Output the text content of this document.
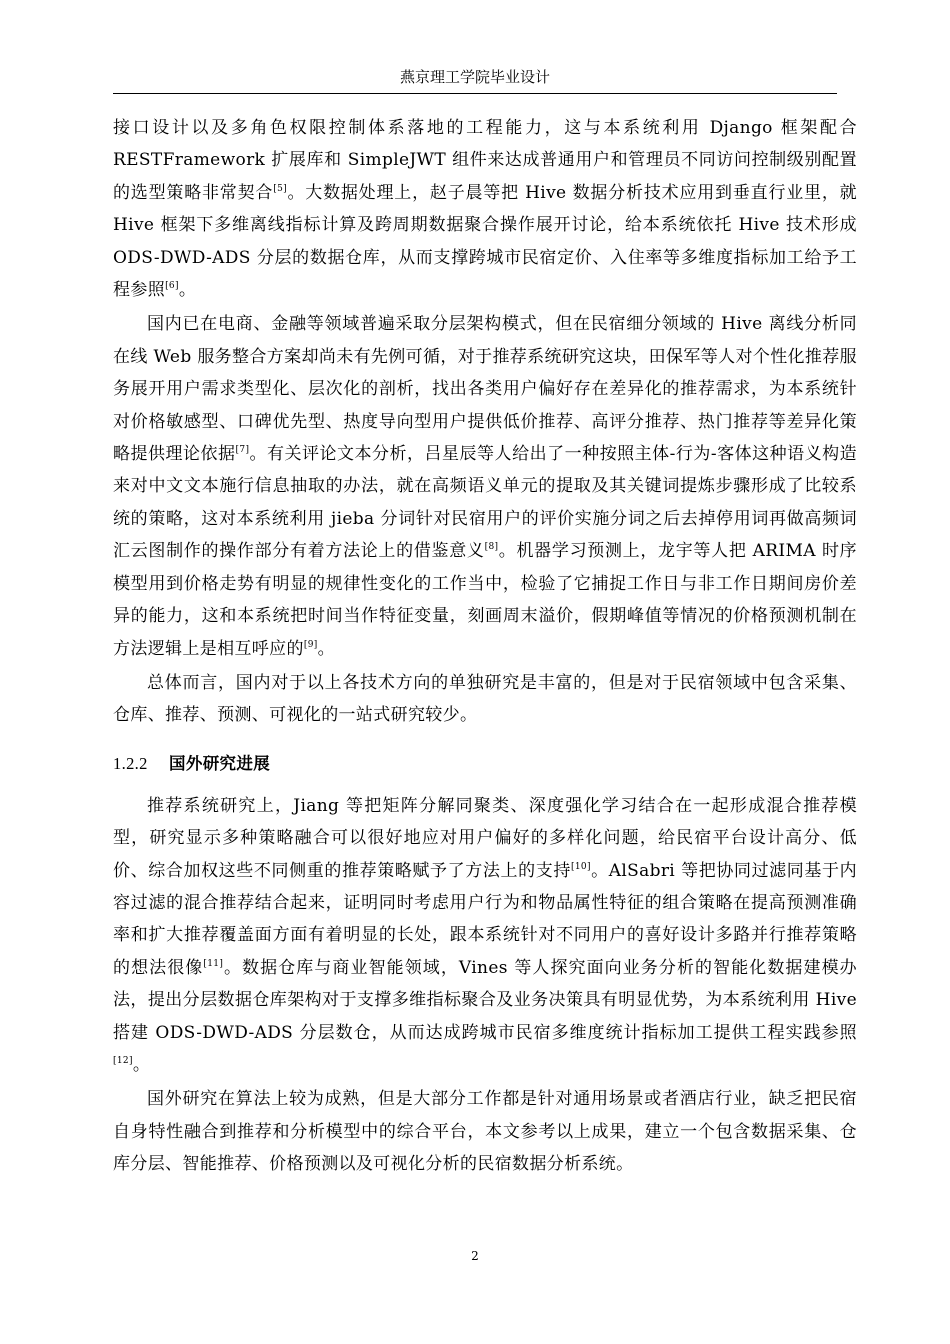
燕京理工学院毕业设计

接口设计以及多角色权限控制体系落地的工程能力，这与本系统利用 Django 框架配合 RESTFramework 扩展库和 SimpleJWT 组件来达成普通用户和管理员不同访问控制级别配置的选型策略非常契合[5]。大数据处理上，赵子晨等把 Hive 数据分析技术应用到垂直行业里，就 Hive 框架下多维离线指标计算及跨周期数据聚合操作展开讨论，给本系统依托 Hive 技术形成 ODS-DWD-ADS 分层的数据仓库，从而支撑跨城市民宿定价、入住率等多维度指标加工给予工程参照[6]。

国内已在电商、金融等领域普遍采取分层架构模式，但在民宿细分领域的 Hive 离线分析同在线 Web 服务整合方案却尚未有先例可循，对于推荐系统研究这块，田保军等人对个性化推荐服务展开用户需求类型化、层次化的剖析，找出各类用户偏好存在差异化的推荐需求，为本系统针对价格敏感型、口碑优先型、热度导向型用户提供低价推荐、高评分推荐、热门推荐等差异化策略提供理论依据[7]。有关评论文本分析，吕星辰等人给出了一种按照主体-行为-客体这种语义构造来对中文文本施行信息抽取的办法，就在高频语义单元的提取及其关键词提炼步骤形成了比较系统的策略，这对本系统利用 jieba 分词针对民宿用户的评价实施分词之后去掉停用词再做高频词汇云图制作的操作部分有着方法论上的借鉴意义[8]。机器学习预测上，龙宇等人把 ARIMA 时序模型用到价格走势有明显的规律性变化的工作当中，检验了它捕捉工作日与非工作日期间房价差异的能力，这和本系统把时间当作特征变量，刻画周末溢价，假期峰值等情况的价格预测机制在方法逻辑上是相互呼应的[9]。

总体而言，国内对于以上各技术方向的单独研究是丰富的，但是对于民宿领域中包含采集、仓库、推荐、预测、可视化的一站式研究较少。

1.2.2 国外研究进展

推荐系统研究上，Jiang 等把矩阵分解同聚类、深度强化学习结合在一起形成混合推荐模型，研究显示多种策略融合可以很好地应对用户偏好的多样化问题，给民宿平台设计高分、低价、综合加权这些不同侧重的推荐策略赋予了方法上的支持[10]。AlSabri 等把协同过滤同基于内容过滤的混合推荐结合起来，证明同时考虑用户行为和物品属性特征的组合策略在提高预测准确率和扩大推荐覆盖面方面有着明显的长处，跟本系统针对不同用户的喜好设计多路并行推荐策略的想法很像[11]。数据仓库与商业智能领域，Vines 等人探究面向业务分析的智能化数据建模办法，提出分层数据仓库架构对于支撑多维指标聚合及业务决策具有明显优势，为本系统利用 Hive 搭建 ODS-DWD-ADS 分层数仓，从而达成跨城市民宿多维度统计指标加工提供工程实践参照[12]。

国外研究在算法上较为成熟，但是大部分工作都是针对通用场景或者酒店行业，缺乏把民宿自身特性融合到推荐和分析模型中的综合平台，本文参考以上成果，建立一个包含数据采集、仓库分层、智能推荐、价格预测以及可视化分析的民宿数据分析系统。

2
